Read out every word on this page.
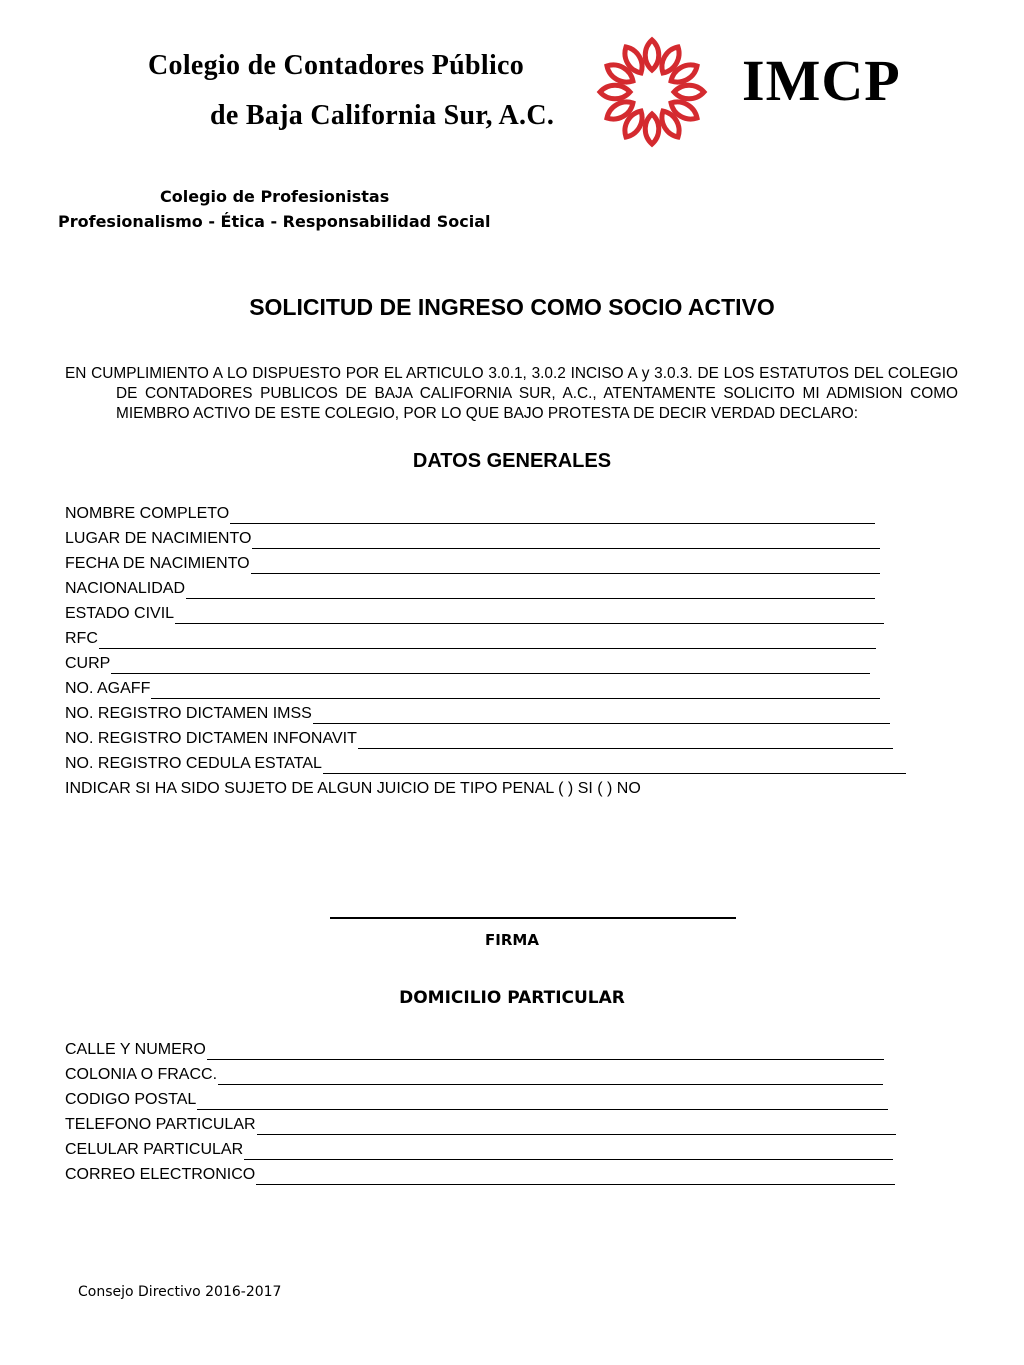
Colegio de Contadores Público
de Baja California Sur, A.C.
IMCP
Colegio de Profesionistas
Profesionalismo - Ética - Responsabilidad Social
SOLICITUD DE INGRESO COMO SOCIO ACTIVO
EN CUMPLIMIENTO A LO DISPUESTO POR EL ARTICULO 3.0.1, 3.0.2 INCISO A y 3.0.3. DE LOS ESTATUTOS DEL COLEGIO DE CONTADORES PUBLICOS DE BAJA CALIFORNIA SUR, A.C., ATENTAMENTE SOLICITO MI ADMISION COMO MIEMBRO ACTIVO DE ESTE COLEGIO, POR LO QUE BAJO PROTESTA DE DECIR VERDAD DECLARO:
DATOS GENERALES
NOMBRE COMPLETO
LUGAR DE NACIMIENTO
FECHA DE NACIMIENTO
NACIONALIDAD
ESTADO CIVIL
RFC
CURP
NO. AGAFF
NO. REGISTRO DICTAMEN IMSS
NO. REGISTRO DICTAMEN INFONAVIT
NO. REGISTRO CEDULA ESTATAL
INDICAR SI HA SIDO SUJETO DE ALGUN JUICIO DE TIPO PENAL ( ) SI ( ) NO
FIRMA
DOMICILIO PARTICULAR
CALLE Y NUMERO
COLONIA O FRACC.
CODIGO POSTAL
TELEFONO PARTICULAR
CELULAR PARTICULAR
CORREO ELECTRONICO
Consejo Directivo 2016-2017
